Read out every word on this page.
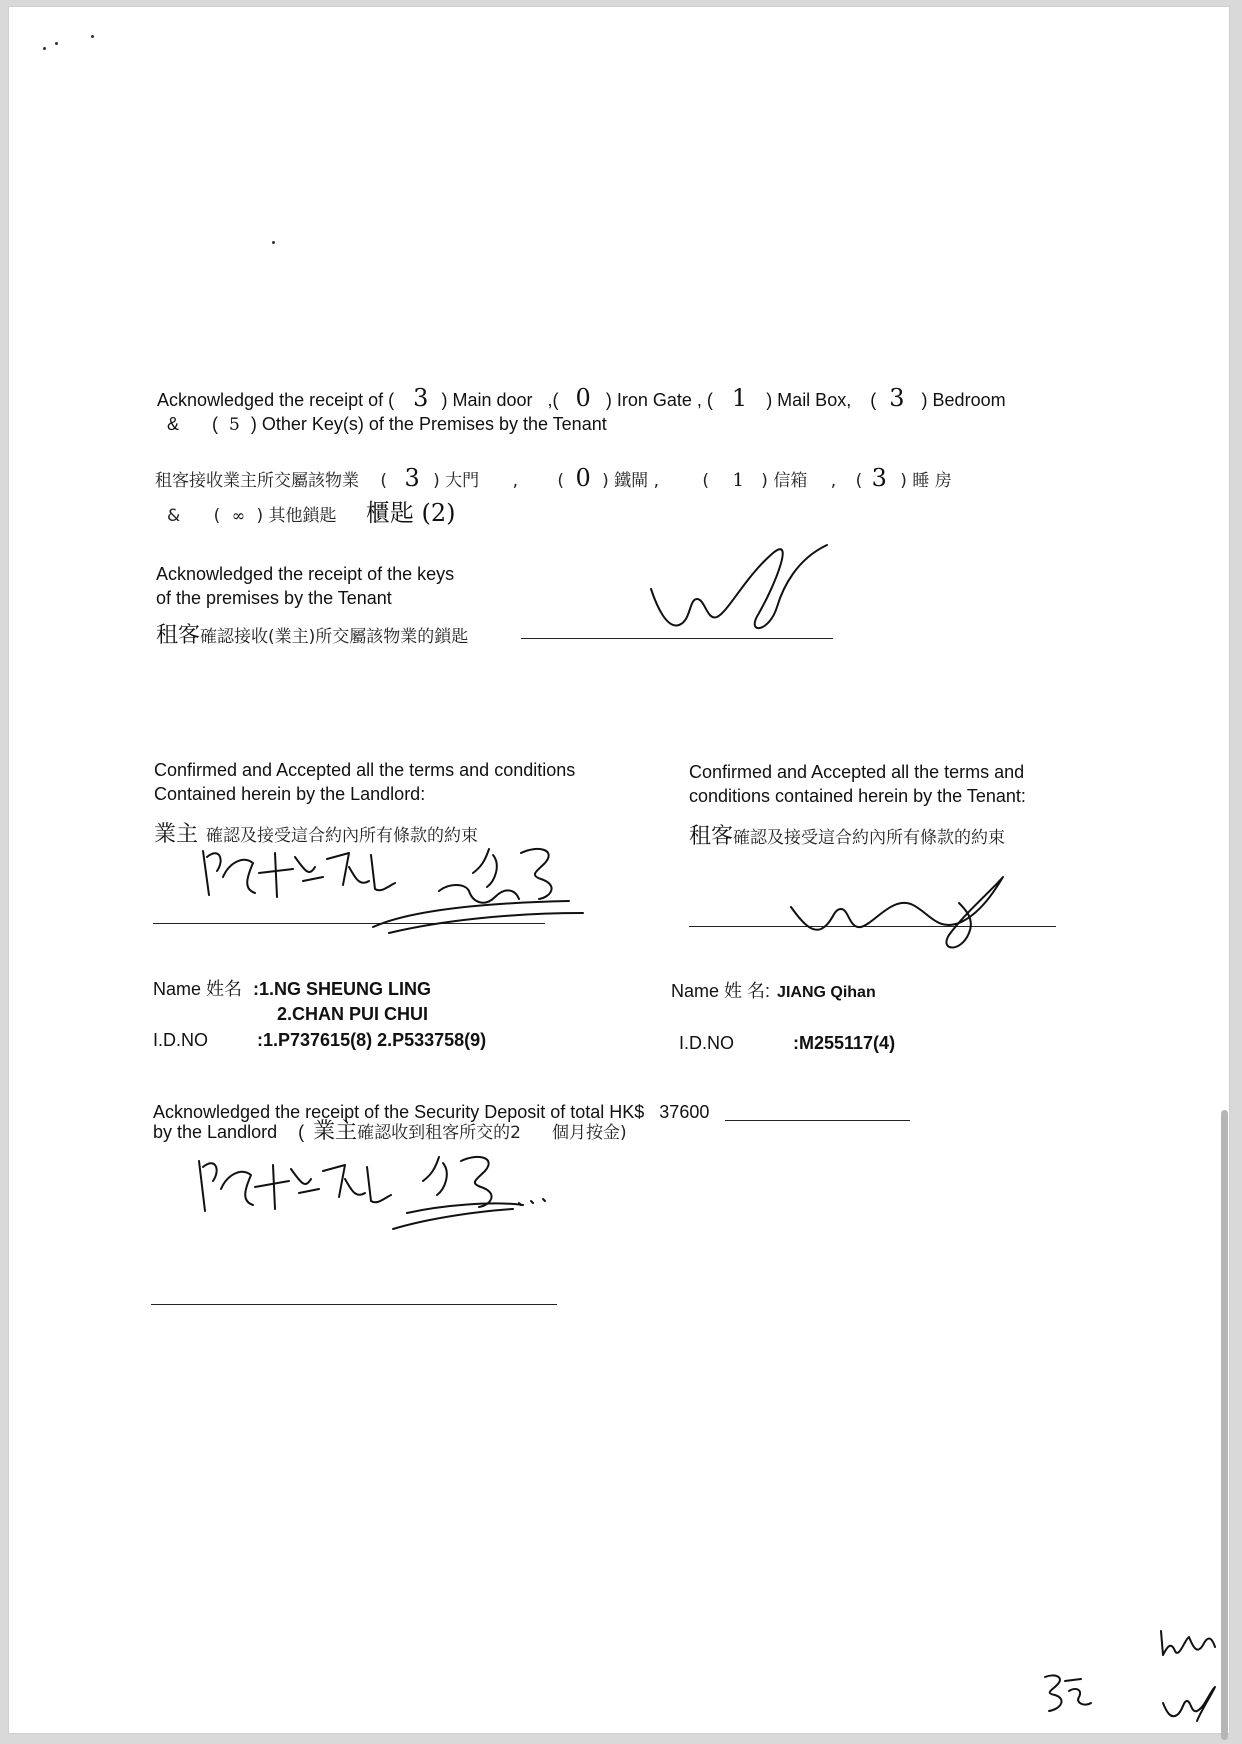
Acknowledged the receipt of ( 3 ) Main door ,( 0 ) Iron Gate , ( 1 ) Mail Box, ( 3 ) Bedroom
& ( 5 ) Other Key(s) of the Premises by the Tenant
租客接收業主所交屬該物業 ( 3 ) 大門 , ( 0 ) 鐵閘 ,	( 1 ) 信箱 , ( 3 ) 睡 房
& ( ∞ ) 其他鎖匙 櫃匙 (2)
Acknowledged the receipt of the keys
of the premises by the Tenant
租客確認接收(業主)所交屬該物業的鎖匙
Confirmed and Accepted all the terms and conditions
Contained herein by the Landlord:
業主 確認及接受這合約內所有條款的約束
Confirmed and Accepted all the terms and
conditions contained herein by the Tenant:
租客確認及接受這合約內所有條款的約束
Name 姓名 :1.NG SHEUNG LING
2.CHAN PUI CHUI
I.D.NO	:1.P737615(8) 2.P533758(9)
Name 姓 名: JIANG Qihan
I.D.NO	:M255117(4)
Acknowledged the receipt of the Security Deposit of total HK$ 37600
by the Landlord ( 業主確認收到租客所交的2 個月按金)
